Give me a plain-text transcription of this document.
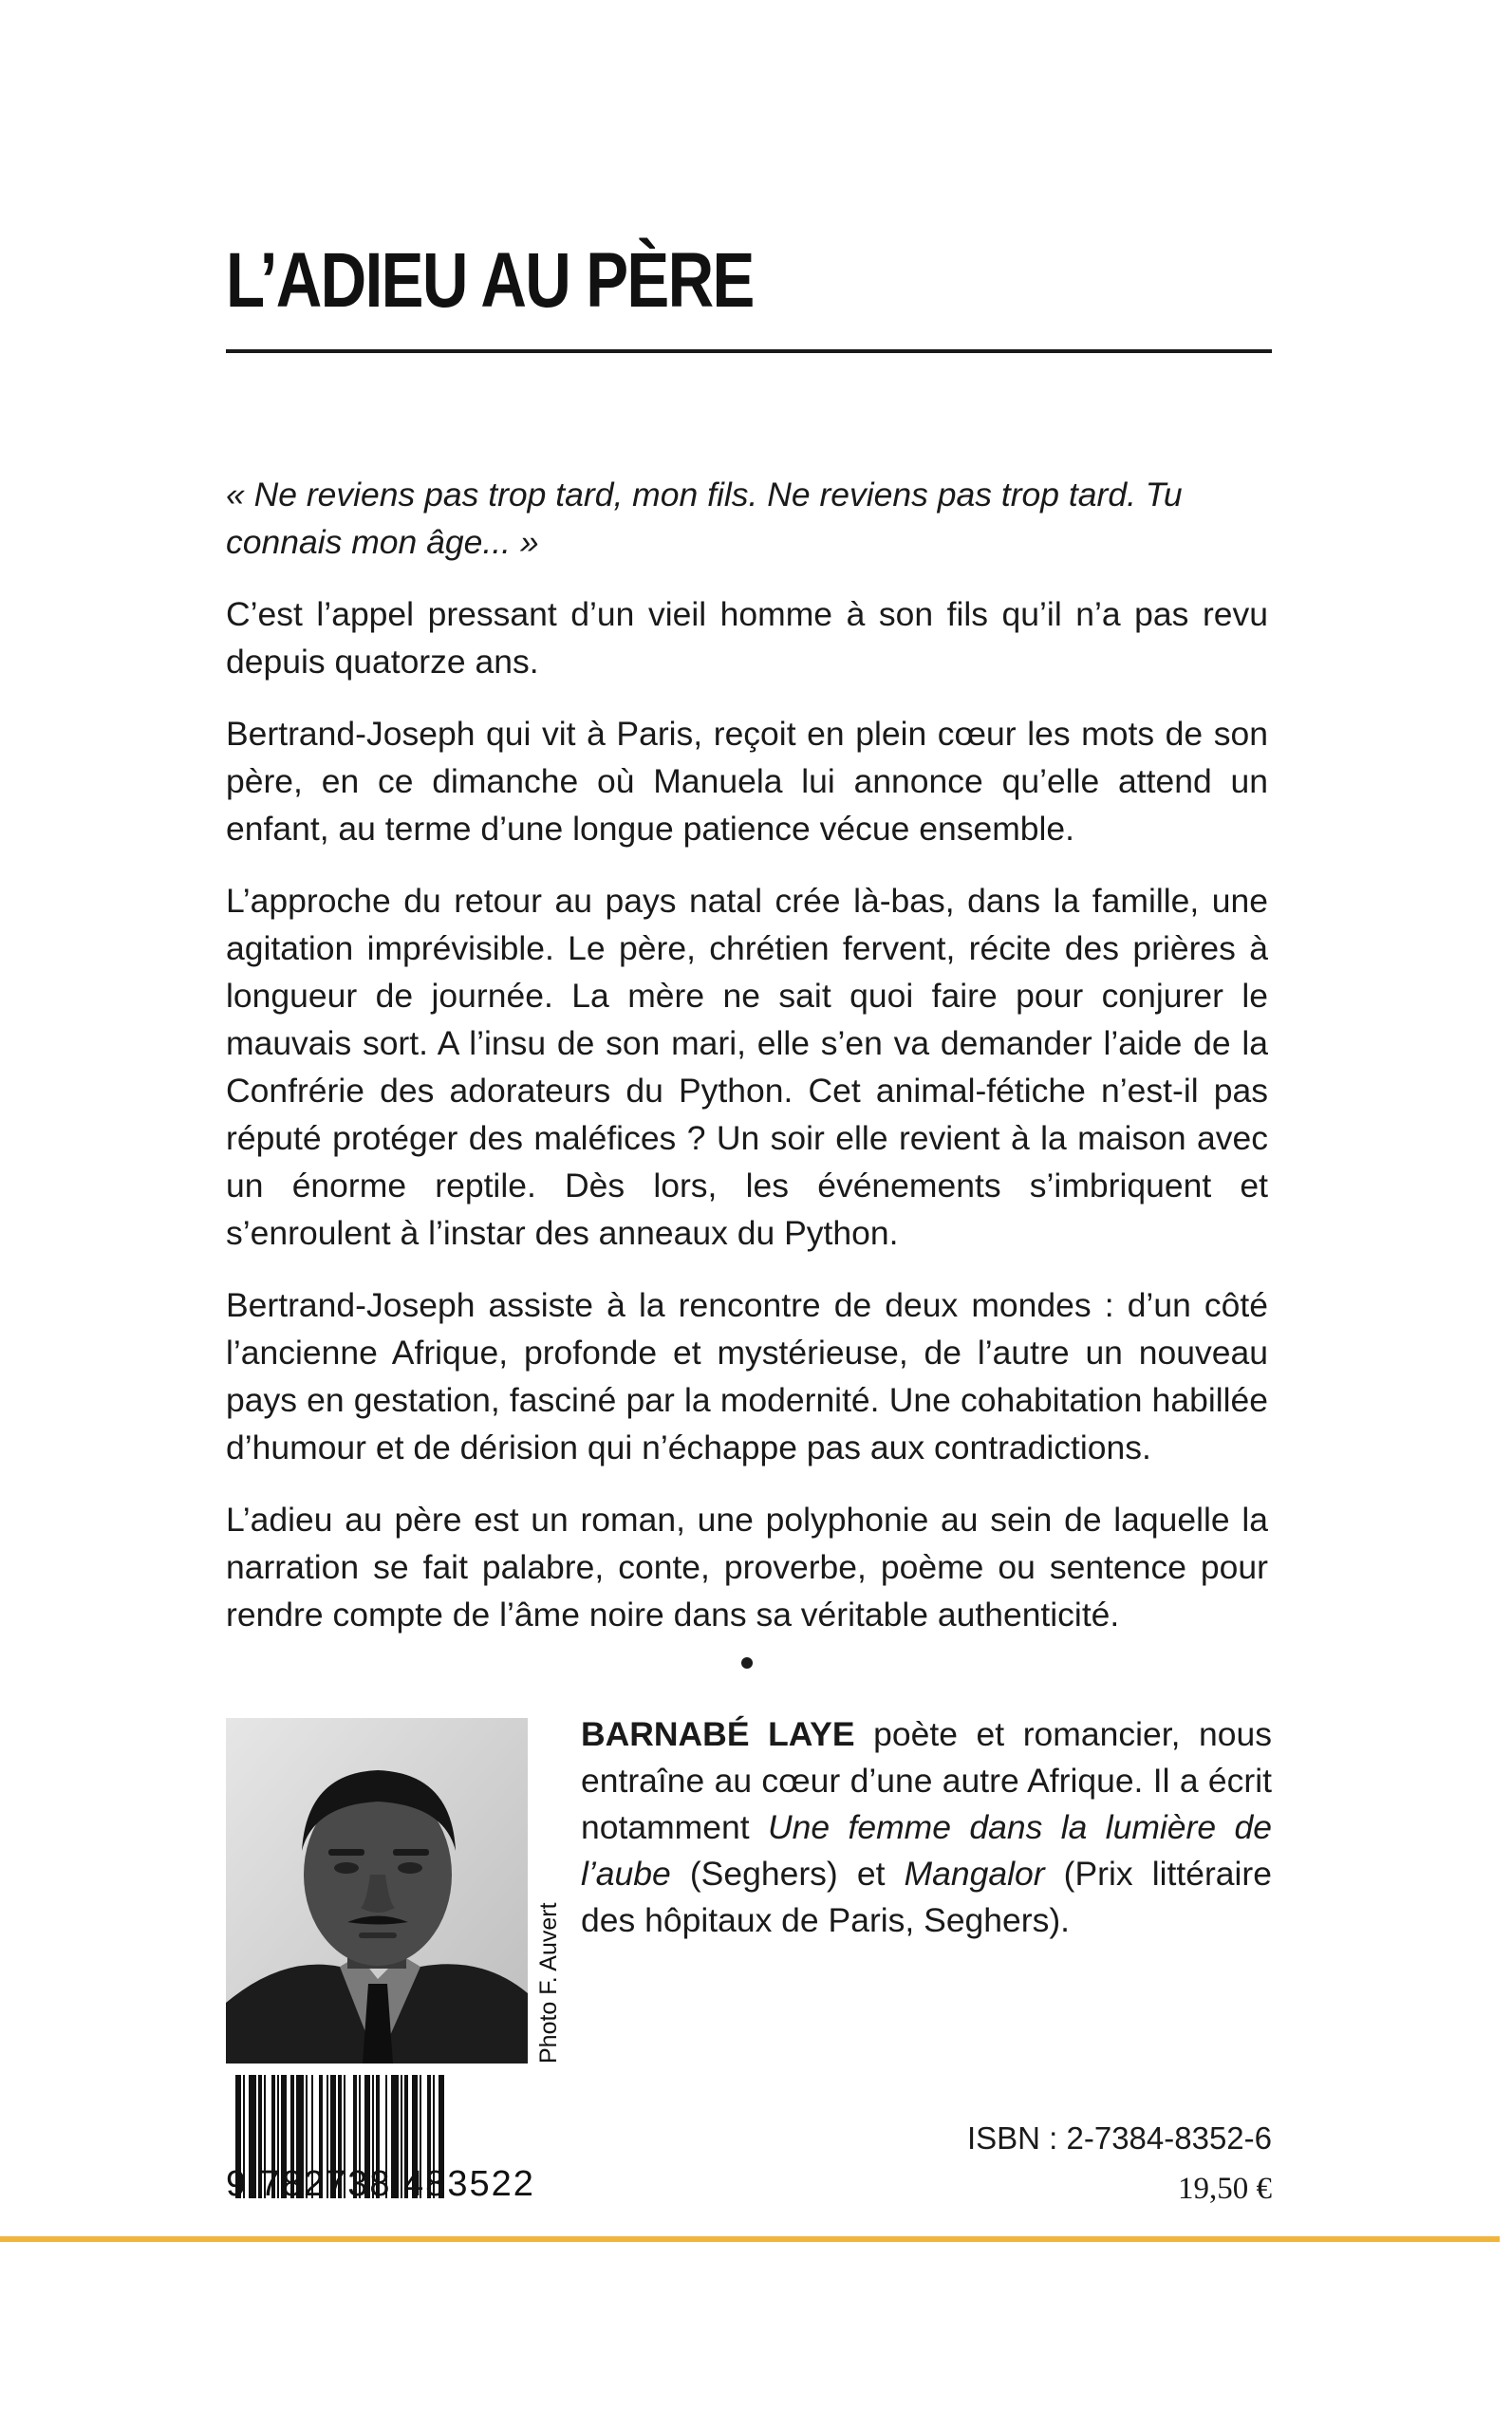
L’ADIEU AU PÈRE

« Ne reviens pas trop tard, mon fils. Ne reviens pas trop tard. Tu connais mon âge... »

C’est l’appel pressant d’un vieil homme à son fils qu’il n’a pas revu depuis quatorze ans.

Bertrand-Joseph qui vit à Paris, reçoit en plein cœur les mots de son père, en ce dimanche où Manuela lui annonce qu’elle attend un enfant, au terme d’une longue patience vécue ensemble.

L’approche du retour au pays natal crée là-bas, dans la famille, une agitation imprévisible. Le père, chrétien fervent, récite des prières à longueur de journée. La mère ne sait quoi faire pour conjurer le mauvais sort. A l’insu de son mari, elle s’en va demander l’aide de la Confrérie des adorateurs du Python. Cet animal-fétiche n’est-il pas réputé protéger des maléfices ? Un soir elle revient à la maison avec un énorme reptile. Dès lors, les événements s’imbriquent et s’enroulent à l’instar des anneaux du Python.

Bertrand-Joseph assiste à la rencontre de deux mondes : d’un côté l’ancienne Afrique, profonde et mystérieuse, de l’autre un nouveau pays en gestation, fasciné par la modernité. Une cohabitation habillée d’humour et de dérision qui n’échappe pas aux contradictions.

L’adieu au père est un roman, une polyphonie au sein de laquelle la narration se fait palabre, conte, proverbe, poème ou sentence pour rendre compte de l’âme noire dans sa véritable authenticité.

Photo F. Auvert
BARNABÉ LAYE poète et romancier, nous entraîne au cœur d’une autre Afrique. Il a écrit notamment Une femme dans la lumière de l’aube (Seghers) et Mangalor (Prix littéraire des hôpitaux de Paris, Seghers).
9 782738 483522
ISBN : 2-7384-8352-6
19,50 €
